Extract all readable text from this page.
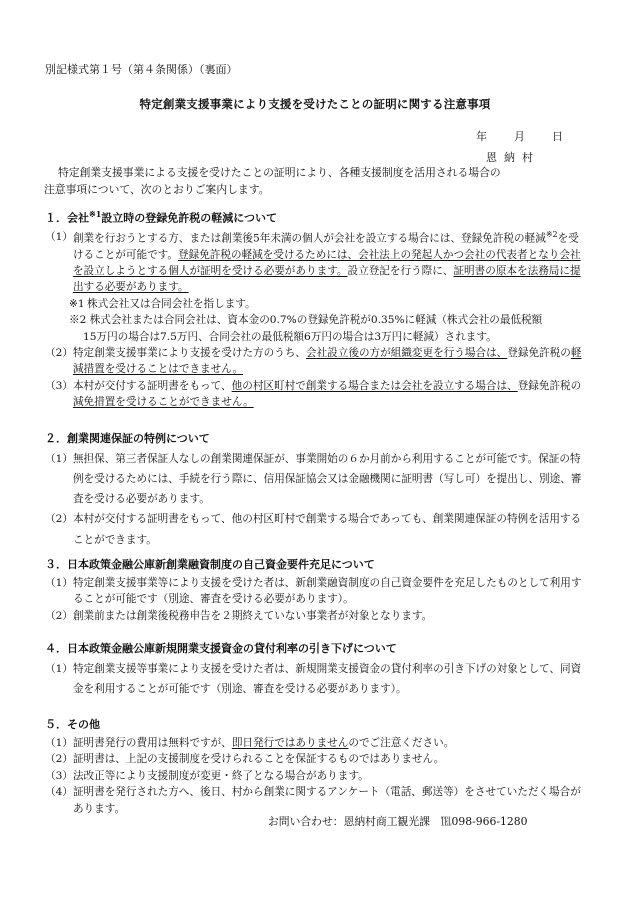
別記様式第１号（第４条関係）（裏面）
特定創業支援事業により支援を受けたことの証明に関する注意事項
年 月 日
恩納村

特定創業支援事業による支援を受けたことの証明により、各種支援制度を活用される場合の

注意事項について、次のとおりご案内します。

１．会社$^{※1}$設立時の登録免許税の軽減について
（1） 創業を行おうとする方、または創業後5年未満の個人が会社を設立する場合には、登録免許税の軽減$^{※2}$を受けることが可能です。登録免許税の軽減を受けるためには、会社法上の発起人かつ会社の代表者となり会社を設立しようとする個人が証明を受ける必要があります。設立登記を行う際に、証明書の原本を法務局に提出する必要があります。
※1 株式会社又は合同会社を指します。
※2 株式会社または合同会社は、資本金の0.7%の登録免許税が0.35%に軽減（株式会社の最低税額
15万円の場合は7.5万円、合同会社の最低税額6万円の場合は3万円に軽減）されます。
（2） 特定創業支援事業により支援を受けた方のうち、会社設立後の方が組織変更を行う場合は、登録免許税の軽減措置を受けることはできません。
（3） 本村が交付する証明書をもって、他の村区町村で創業する場合または会社を設立する場合は、登録免許税の減免措置を受けることができません。
２．創業関連保証の特例について
（1） 無担保、第三者保証人なしの創業関連保証が、事業開始の６か月前から利用することが可能です。保証の特例を受けるためには、手続を行う際に、信用保証協会又は金融機関に証明書（写し可）を提出し、別途、審査を受ける必要があります。
（2） 本村が交付する証明書をもって、他の村区町村で創業する場合であっても、創業関連保証の特例を活用することができます。
３．日本政策金融公庫新創業融資制度の自己資金要件充足について
（1） 特定創業支援事業等により支援を受けた者は、新創業融資制度の自己資金要件を充足したものとして利用することが可能です（別途、審査を受ける必要があります）。
（2） 創業前または創業後税務申告を２期終えていない事業者が対象となります。
４．日本政策金融公庫新規開業支援資金の貸付利率の引き下げについて
（1） 特定創業支援等事業により支援を受けた者は、新規開業支援資金の貸付利率の引き下げの対象として、同資金を利用することが可能です（別途、審査を受ける必要があります）。
５．その他
（1） 証明書発行の費用は無料ですが、即日発行ではありませんのでご注意ください。
（2） 証明書は、上記の支援制度を受けられることを保証するものではありません。
（3） 法改正等により支援制度が変更・終了となる場合があります。
（4） 証明書を発行された方へ、後日、村から創業に関するアンケート（電話、郵送等）をさせていただく場合があります。
お問い合わせ：恩納村商工観光課　℡098-966-1280
